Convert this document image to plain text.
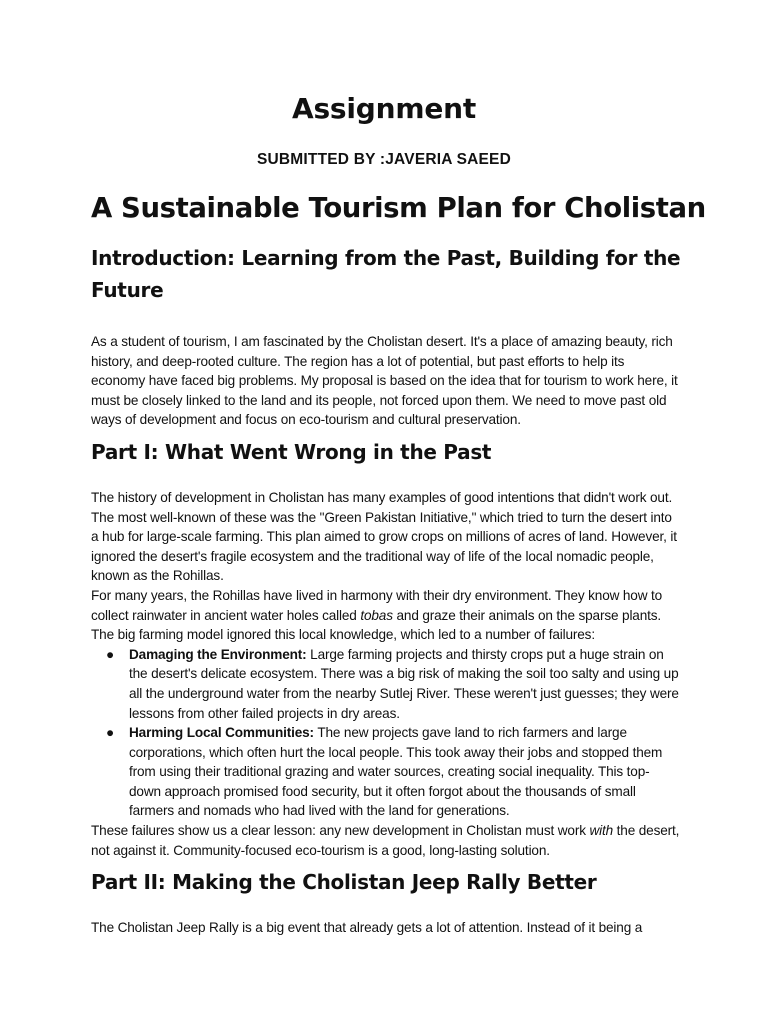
Assignment

SUBMITTED BY :JAVERIA SAEED

A Sustainable Tourism Plan for Cholistan
Introduction: Learning from the Past, Building for the Future

As a student of tourism, I am fascinated by the Cholistan desert. It's a place of amazing beauty, rich history, and deep-rooted culture. The region has a lot of potential, but past efforts to help its economy have faced big problems. My proposal is based on the idea that for tourism to work here, it must be closely linked to the land and its people, not forced upon them. We need to move past old ways of development and focus on eco-tourism and cultural preservation.

Part I: What Went Wrong in the Past

The history of development in Cholistan has many examples of good intentions that didn't work out. The most well-known of these was the "Green Pakistan Initiative," which tried to turn the desert into a hub for large-scale farming. This plan aimed to grow crops on millions of acres of land. However, it ignored the desert's fragile ecosystem and the traditional way of life of the local nomadic people, known as the Rohillas.

For many years, the Rohillas have lived in harmony with their dry environment. They know how to collect rainwater in ancient water holes called tobas and graze their animals on the sparse plants. The big farming model ignored this local knowledge, which led to a number of failures:

● Damaging the Environment: Large farming projects and thirsty crops put a huge strain on the desert's delicate ecosystem. There was a big risk of making the soil too salty and using up all the underground water from the nearby Sutlej River. These weren't just guesses; they were lessons from other failed projects in dry areas.
● Harming Local Communities: The new projects gave land to rich farmers and large corporations, which often hurt the local people. This took away their jobs and stopped them from using their traditional grazing and water sources, creating social inequality. This top-down approach promised food security, but it often forgot about the thousands of small farmers and nomads who had lived with the land for generations.

These failures show us a clear lesson: any new development in Cholistan must work with the desert, not against it. Community-focused eco-tourism is a good, long-lasting solution.

Part II: Making the Cholistan Jeep Rally Better

The Cholistan Jeep Rally is a big event that already gets a lot of attention. Instead of it being a
